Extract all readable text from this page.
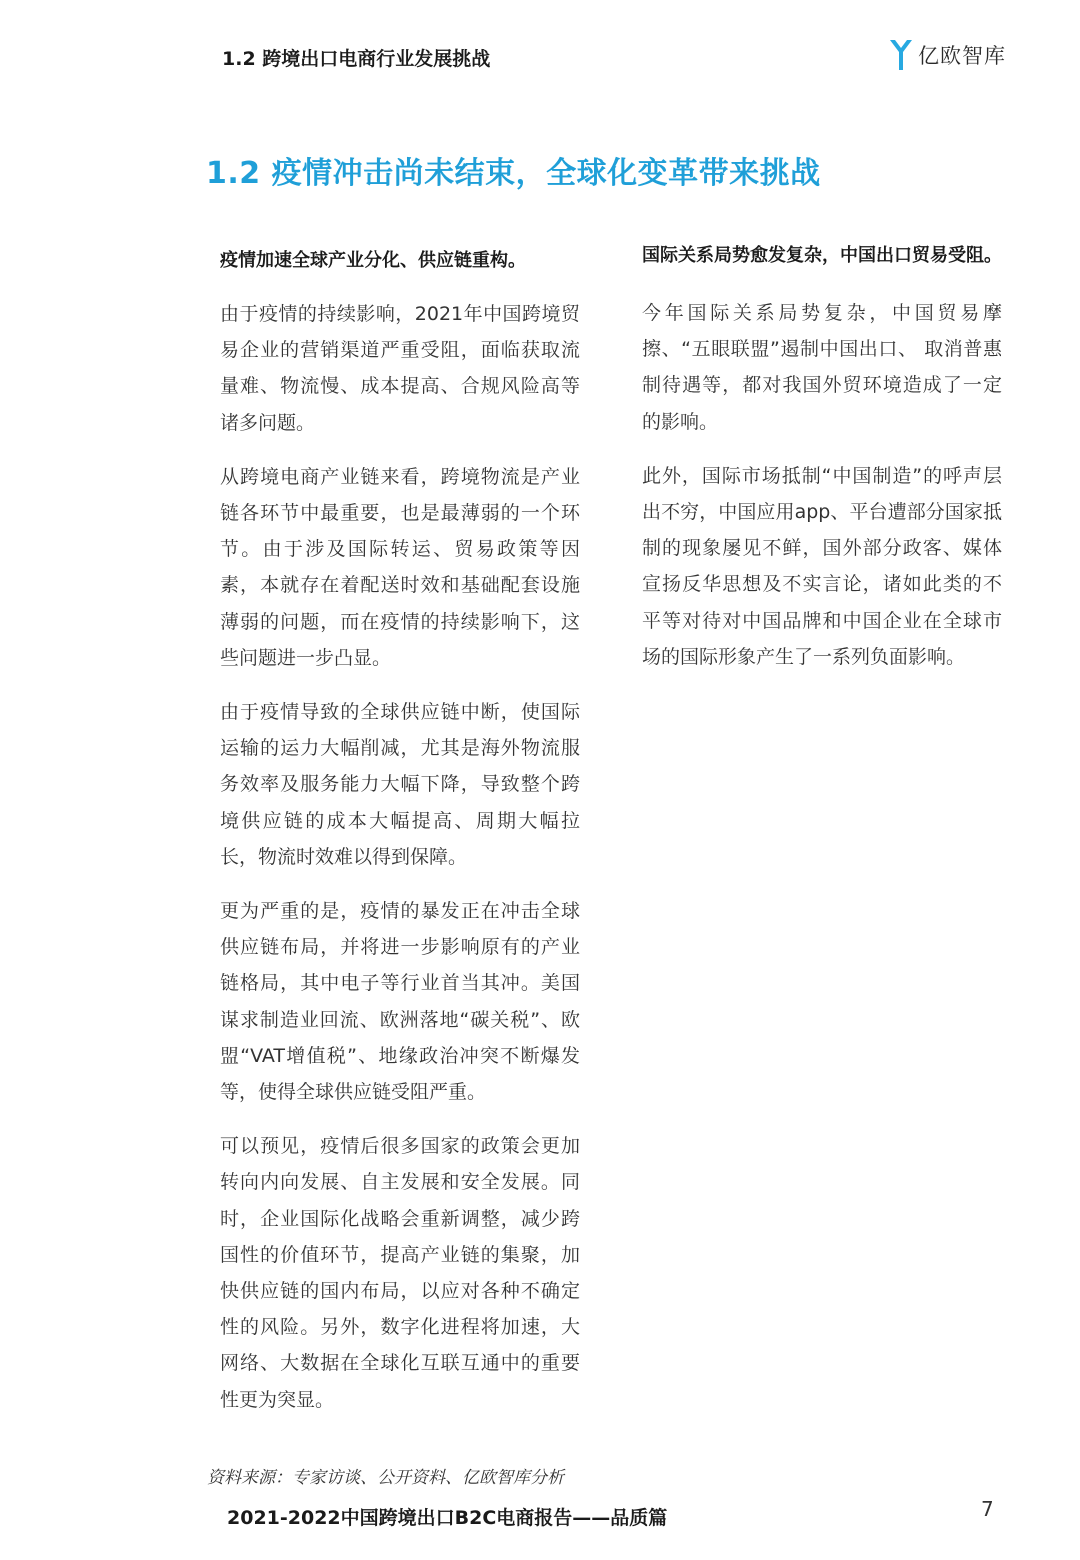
1.2 跨境出口电商行业发展挑战	亿欧智库
1.2 疫情冲击尚未结束，全球化变革带来挑战
疫情加速全球产业分化、供应链重构。

由于疫情的持续影响，2021年中国跨境贸易企业的营销渠道严重受阻，面临获取流量难、物流慢、成本提高、合规风险高等诸多问题。

从跨境电商产业链来看，跨境物流是产业链各环节中最重要，也是最薄弱的一个环节。由于涉及国际转运、贸易政策等因素，本就存在着配送时效和基础配套设施薄弱的问题，而在疫情的持续影响下，这些问题进一步凸显。

由于疫情导致的全球供应链中断，使国际运输的运力大幅削减，尤其是海外物流服务效率及服务能力大幅下降，导致整个跨境供应链的成本大幅提高、周期大幅拉长，物流时效难以得到保障。

更为严重的是，疫情的暴发正在冲击全球供应链布局，并将进一步影响原有的产业链格局，其中电子等行业首当其冲。美国谋求制造业回流、欧洲落地“碳关税”、欧盟“VAT增值税”、地缘政治冲突不断爆发等，使得全球供应链受阻严重。

可以预见，疫情后很多国家的政策会更加转向内向发展、自主发展和安全发展。同时，企业国际化战略会重新调整，减少跨国性的价值环节，提高产业链的集聚，加快供应链的国内布局，以应对各种不确定性的风险。另外，数字化进程将加速，大网络、大数据在全球化互联互通中的重要性更为突显。

国际关系局势愈发复杂，中国出口贸易受阻。

今年国际关系局势复杂，中国贸易摩擦、“五眼联盟”遏制中国出口、 取消普惠制待遇等，都对我国外贸环境造成了一定的影响。

此外，国际市场抵制“中国制造”的呼声层出不穷，中国应用app、平台遭部分国家抵制的现象屡见不鲜，国外部分政客、媒体宣扬反华思想及不实言论，诸如此类的不平等对待对中国品牌和中国企业在全球市场的国际形象产生了一系列负面影响。

资料来源：专家访谈、公开资料、亿欧智库分析
2021-2022中国跨境出口B2C电商报告——品质篇	7
